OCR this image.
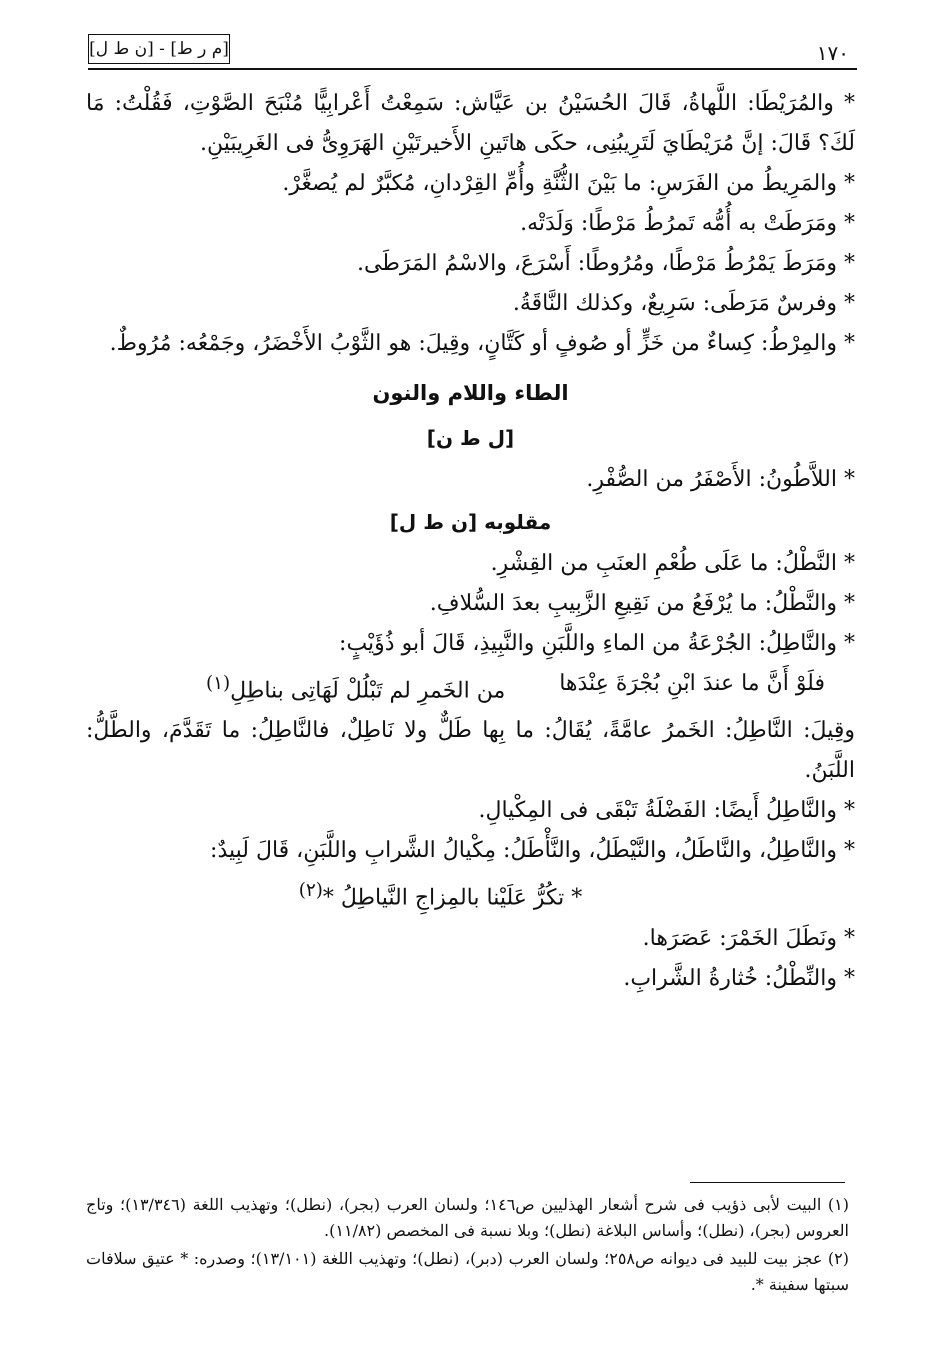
[م ر ط] - [ن ط ل]	١٧٠

* والمُرَيْطَا: اللَّهاةُ، قَالَ الحُسَيْنُ بن عَيَّاش: سَمِعْتُ أَعْرابِيًّا مُنْبَحَ الصَّوْتِ، فَقُلْتُ: مَا لَكَ؟ قَالَ: إنَّ مُرَيْطَايَ لَتَرِيبُنِى، حكَى هاتَينِ الأَخيرتَيْنِ الهَرَوِىُّ فى الغَرِيبَيْنِ.

* والمَرِيطُ من الفَرَسِ: ما بَيْنَ الثُّنَّةِ وأُمِّ القِرْدانِ، مُكبَّرٌ لم يُصغَّرْ.

* ومَرَطَتْ به أُمُّه تَمرُطُ مَرْطًا: وَلَدَتْه.

* ومَرَطَ يَمْرُطُ مَرْطًا، ومُرُوطًا: أَسْرَعَ، والاسْمُ المَرَطَى.

* وفرسٌ مَرَطَى: سَرِيعٌ، وكذلك النَّاقَةُ.

* والمِرْطُ: كِساءٌ من خَزٍّ أو صُوفٍ أو كَتَّانٍ، وقِيلَ: هو الثَّوْبُ الأَخْضَرُ، وجَمْعُه: مُرُوطٌ.

الطاء واللام والنون
[ل ط ن]

* اللاَّطُونُ: الأَصْفَرُ من الصُّفْرِ.

مقلوبه [ن ط ل]

* النَّطْلُ: ما عَلَى طُعْمِ العنَبِ من القِشْرِ.

* والنَّطْلُ: ما يُرْفَعُ من نَقِيعِ الزَّبِيبِ بعدَ السُّلافِ.

* والنَّاطِلُ: الجُرْعَةُ من الماءِ واللَّبَنِ والنَّبِيذِ، قَالَ أبو ذُؤَيْبٍ:

فلَوْ أَنَّ ما عندَ ابْنِ بُجْرَةَ عِنْدَها
من الخَمرِ لم تَبْلُلْ لَهَاتِى بناطِلِ$^{(١)}$

وقِيلَ: النَّاطِلُ: الخَمرُ عامَّةً، يُقَالُ: ما بِها طَلٌّ ولا نَاطِلٌ، فالنَّاطِلُ: ما تَقَدَّمَ، والطَّلُّ: اللَّبَنُ.

* والنَّاطِلُ أَيضًا: الفَضْلَةُ تَبْقَى فى المِكْيالِ.

* والنَّاطِلُ، والنَّاطَلُ، والنَّيْطَلُ، والنَّأْطَلُ: مِكْيالُ الشَّرابِ واللَّبَنِ، قَالَ لَبِيدٌ:

* تكُرُّ عَلَيْنا بالمِزاجِ النَّياطِلُ *$^{(٢)}$

* ونَطَلَ الخَمْرَ: عَصَرَها.

* والنِّطْلُ: خُثارةُ الشَّرابِ.

(١) البيت لأبى ذؤيب فى شرح أشعار الهذليين ص١٤٦؛ ولسان العرب (بجر)، (نطل)؛ وتهذيب اللغة (١٣/٣٤٦)؛ وتاج العروس (بجر)، (نطل)؛ وأساس البلاغة (نطل)؛ وبلا نسبة فى المخصص (١١/٨٢).

(٢) عجز بيت للبيد فى ديوانه ص٢٥٨؛ ولسان العرب (دبر)، (نطل)؛ وتهذيب اللغة (١٣/١٠١)؛ وصدره: * عتيق سلافات سبتها سفينة *.
